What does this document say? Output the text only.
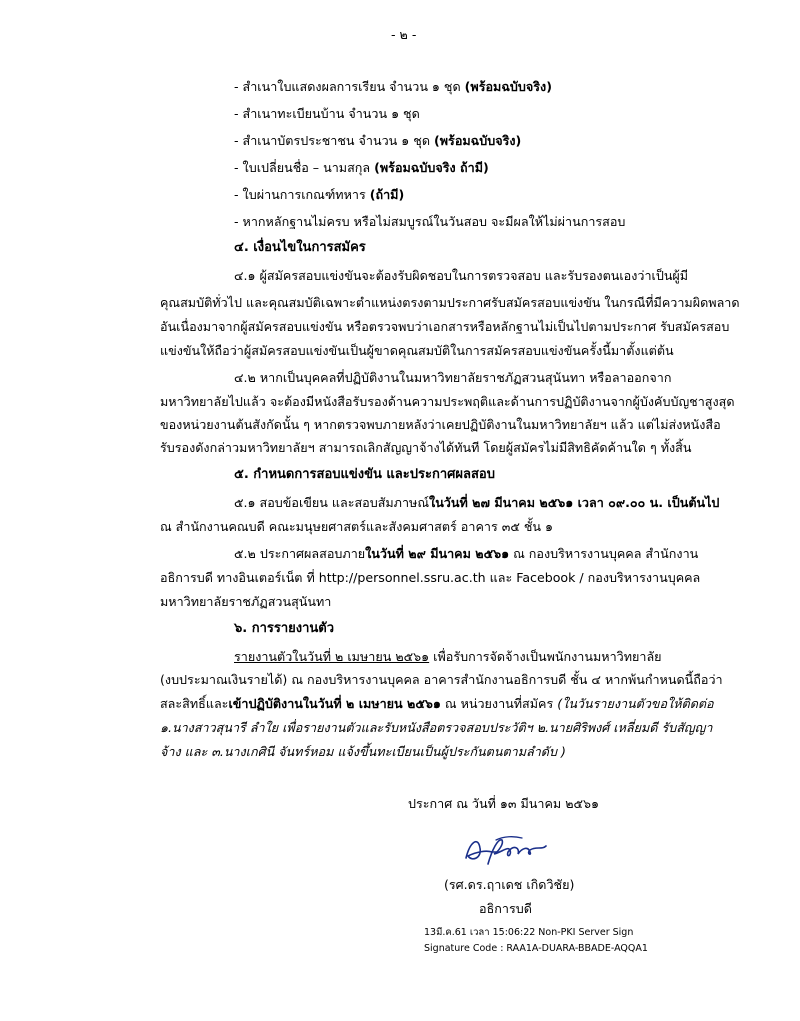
- ๒ -
- สำเนาใบแสดงผลการเรียน จำนวน ๑ ชุด (พร้อมฉบับจริง)
- สำเนาทะเบียนบ้าน จำนวน ๑ ชุด
- สำเนาบัตรประชาชน จำนวน ๑ ชุด (พร้อมฉบับจริง)
- ใบเปลี่ยนชื่อ – นามสกุล (พร้อมฉบับจริง ถ้ามี)
- ใบผ่านการเกณฑ์ทหาร (ถ้ามี)
- หากหลักฐานไม่ครบ หรือไม่สมบูรณ์ในวันสอบ จะมีผลให้ไม่ผ่านการสอบ
๔. เงื่อนไขในการสมัคร
๔.๑ ผู้สมัครสอบแข่งขันจะต้องรับผิดชอบในการตรวจสอบ และรับรองตนเองว่าเป็นผู้มี
คุณสมบัติทั่วไป และคุณสมบัติเฉพาะตำแหน่งตรงตามประกาศรับสมัครสอบแข่งขัน ในกรณีที่มีความผิดพลาด
อันเนื่องมาจากผู้สมัครสอบแข่งขัน หรือตรวจพบว่าเอกสารหรือหลักฐานไม่เป็นไปตามประกาศ รับสมัครสอบ
แข่งขันให้ถือว่าผู้สมัครสอบแข่งขันเป็นผู้ขาดคุณสมบัติในการสมัครสอบแข่งขันครั้งนี้มาตั้งแต่ต้น
๔.๒ หากเป็นบุคคลที่ปฏิบัติงานในมหาวิทยาลัยราชภัฏสวนสุนันทา หรือลาออกจาก
มหาวิทยาลัยไปแล้ว จะต้องมีหนังสือรับรองด้านความประพฤติและด้านการปฏิบัติงานจากผู้บังคับบัญชาสูงสุด
ของหน่วยงานต้นสังกัดนั้น ๆ หากตรวจพบภายหลังว่าเคยปฏิบัติงานในมหาวิทยาลัยฯ แล้ว แต่ไม่ส่งหนังสือ
รับรองดังกล่าวมหาวิทยาลัยฯ สามารถเลิกสัญญาจ้างได้ทันที โดยผู้สมัครไม่มีสิทธิคัดค้านใด ๆ ทั้งสิ้น
๕. กำหนดการสอบแข่งขัน และประกาศผลสอบ
๕.๑ สอบข้อเขียน และสอบสัมภาษณ์ในวันที่ ๒๗ มีนาคม ๒๕๖๑ เวลา ๐๙.๐๐ น. เป็นต้นไป
ณ สำนักงานคณบดี คณะมนุษยศาสตร์และสังคมศาสตร์ อาคาร ๓๕ ชั้น ๑
๕.๒ ประกาศผลสอบภายในวันที่ ๒๙ มีนาคม ๒๕๖๑ ณ กองบริหารงานบุคคล สำนักงาน
อธิการบดี ทางอินเตอร์เน็ต ที่ http://personnel.ssru.ac.th และ Facebook / กองบริหารงานบุคคล
มหาวิทยาลัยราชภัฏสวนสุนันทา
๖. การรายงานตัว
รายงานตัวในวันที่ ๒ เมษายน ๒๕๖๑ เพื่อรับการจัดจ้างเป็นพนักงานมหาวิทยาลัย
(งบประมาณเงินรายได้) ณ กองบริหารงานบุคคล อาคารสำนักงานอธิการบดี ชั้น ๔ หากพ้นกำหนดนี้ถือว่า
สละสิทธิ์และเข้าปฏิบัติงานในวันที่ ๒ เมษายน ๒๕๖๑ ณ หน่วยงานที่สมัคร (ในวันรายงานตัวขอให้ติดต่อ
๑.นางสาวสุนารี ลำใย เพื่อรายงานตัวและรับหนังสือตรวจสอบประวัติฯ ๒.นายศิริพงศ์ เหลี่ยมดี รับสัญญา
จ้าง และ ๓.นางเกศินี จันทร์หอม แจ้งขึ้นทะเบียนเป็นผู้ประกันตนตามลำดับ )
ประกาศ ณ วันที่ ๑๓ มีนาคม ๒๕๖๑
(รศ.ดร.ฤาเดช เกิดวิชัย)
อธิการบดี
13มี.ค.61 เวลา 15:06:22 Non-PKI Server Sign
Signature Code : RAA1A-DUARA-BBADE-AQQA1
